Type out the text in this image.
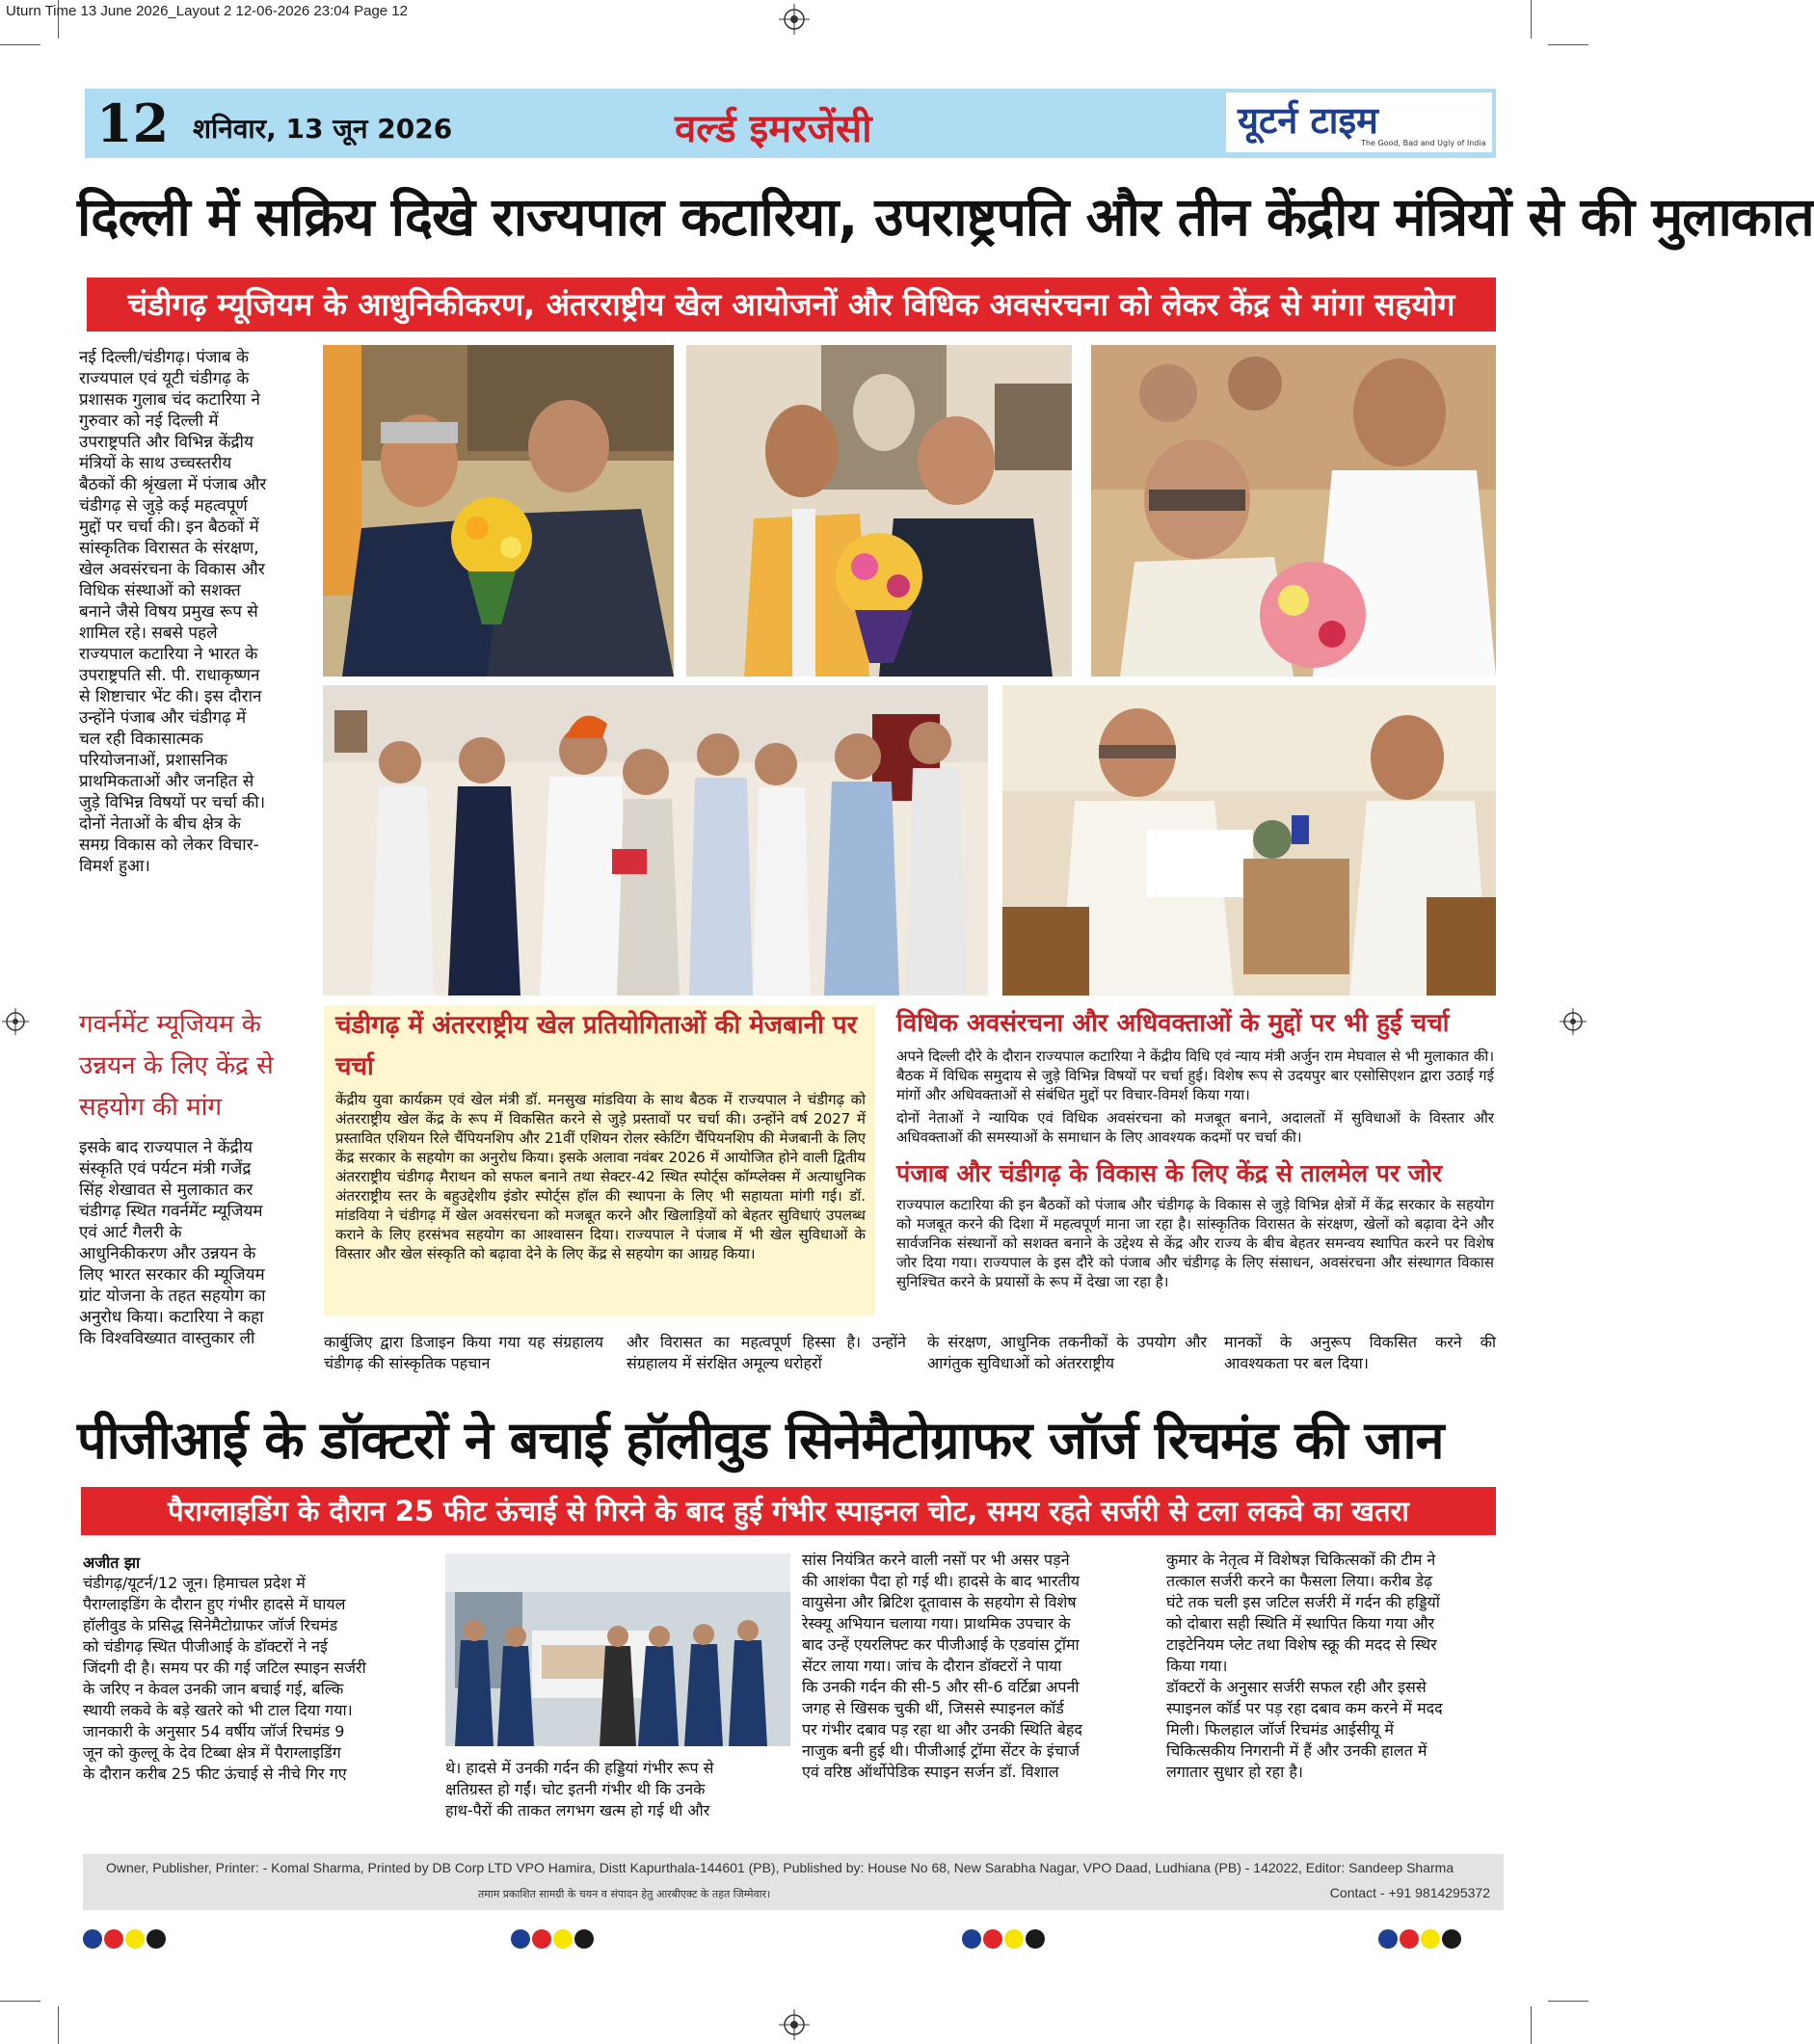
Uturn Time 13 June 2026_Layout 2 12-06-2026 23:04 Page 12
12 शनिवार, 13 जून 2026	वर्ल्ड इमरजेंसी	यूटर्न टाइम
The Good, Bad and Ugly of India
दिल्ली में सक्रिय दिखे राज्यपाल कटारिया, उपराष्ट्रपति और तीन केंद्रीय मंत्रियों से की मुलाकात
चंडीगढ़ म्यूजियम के आधुनिकीकरण, अंतरराष्ट्रीय खेल आयोजनों और विधिक अवसंरचना को लेकर केंद्र से मांगा सहयोग
नई दिल्ली/चंडीगढ़। पंजाब के
राज्यपाल एवं यूटी चंडीगढ़ के
प्रशासक गुलाब चंद कटारिया ने
गुरुवार को नई दिल्ली में
उपराष्ट्रपति और विभिन्न केंद्रीय
मंत्रियों के साथ उच्चस्तरीय
बैठकों की श्रृंखला में पंजाब और
चंडीगढ़ से जुड़े कई महत्वपूर्ण
मुद्दों पर चर्चा की। इन बैठकों में
सांस्कृतिक विरासत के संरक्षण,
खेल अवसंरचना के विकास और
विधिक संस्थाओं को सशक्त
बनाने जैसे विषय प्रमुख रूप से
शामिल रहे। सबसे पहले
राज्यपाल कटारिया ने भारत के
उपराष्ट्रपति सी. पी. राधाकृष्णन
से शिष्टाचार भेंट की। इस दौरान
उन्होंने पंजाब और चंडीगढ़ में
चल रही विकासात्मक
परियोजनाओं, प्रशासनिक
प्राथमिकताओं और जनहित से
जुड़े विभिन्न विषयों पर चर्चा की।
दोनों नेताओं के बीच क्षेत्र के
समग्र विकास को लेकर विचार-
विमर्श हुआ।
गवर्नमेंट म्यूजियम के उन्नयन के लिए केंद्र से सहयोग की मांग
इसके बाद राज्यपाल ने केंद्रीय
संस्कृति एवं पर्यटन मंत्री गजेंद्र
सिंह शेखावत से मुलाकात कर
चंडीगढ़ स्थित गवर्नमेंट म्यूजियम
एवं आर्ट गैलरी के
आधुनिकीकरण और उन्नयन के
लिए भारत सरकार की म्यूजियम
ग्रांट योजना के तहत सहयोग का
अनुरोध किया। कटारिया ने कहा
कि विश्वविख्यात वास्तुकार ली
चंडीगढ़ में अंतरराष्ट्रीय खेल प्रतियोगिताओं की मेजबानी पर चर्चा
केंद्रीय युवा कार्यक्रम एवं खेल मंत्री डॉ. मनसुख मांडविया के साथ बैठक में राज्यपाल ने चंडीगढ़ को अंतरराष्ट्रीय खेल केंद्र के रूप में विकसित करने से जुड़े प्रस्तावों पर चर्चा की। उन्होंने वर्ष 2027 में प्रस्तावित एशियन रिले चैंपियनशिप और 21वीं एशियन रोलर स्केटिंग चैंपियनशिप की मेजबानी के लिए केंद्र सरकार के सहयोग का अनुरोध किया। इसके अलावा नवंबर 2026 में आयोजित होने वाली द्वितीय अंतरराष्ट्रीय चंडीगढ़ मैराथन को सफल बनाने तथा सेक्टर-42 स्थित स्पोर्ट्स कॉम्प्लेक्स में अत्याधुनिक अंतरराष्ट्रीय स्तर के बहुउद्देशीय इंडोर स्पोर्ट्स हॉल की स्थापना के लिए भी सहायता मांगी गई। डॉ. मांडविया ने चंडीगढ़ में खेल अवसंरचना को मजबूत करने और खिलाड़ियों को बेहतर सुविधाएं उपलब्ध कराने के लिए हरसंभव सहयोग का आश्वासन दिया। राज्यपाल ने पंजाब में भी खेल सुविधाओं के विस्तार और खेल संस्कृति को बढ़ावा देने के लिए केंद्र से सहयोग का आग्रह किया।
विधिक अवसंरचना और अधिवक्ताओं के मुद्दों पर भी हुई चर्चा
अपने दिल्ली दौरे के दौरान राज्यपाल कटारिया ने केंद्रीय विधि एवं न्याय मंत्री अर्जुन राम मेघवाल से भी मुलाकात की। बैठक में विधिक समुदाय से जुड़े विभिन्न विषयों पर चर्चा हुई। विशेष रूप से उदयपुर बार एसोसिएशन द्वारा उठाई गई मांगों और अधिवक्ताओं से संबंधित मुद्दों पर विचार-विमर्श किया गया।
दोनों नेताओं ने न्यायिक एवं विधिक अवसंरचना को मजबूत बनाने, अदालतों में सुविधाओं के विस्तार और अधिवक्ताओं की समस्याओं के समाधान के लिए आवश्यक कदमों पर चर्चा की।
पंजाब और चंडीगढ़ के विकास के लिए केंद्र से तालमेल पर जोर
राज्यपाल कटारिया की इन बैठकों को पंजाब और चंडीगढ़ के विकास से जुड़े विभिन्न क्षेत्रों में केंद्र सरकार के सहयोग को मजबूत करने की दिशा में महत्वपूर्ण माना जा रहा है। सांस्कृतिक विरासत के संरक्षण, खेलों को बढ़ावा देने और सार्वजनिक संस्थानों को सशक्त बनाने के उद्देश्य से केंद्र और राज्य के बीच बेहतर समन्वय स्थापित करने पर विशेष जोर दिया गया। राज्यपाल के इस दौरे को पंजाब और चंडीगढ़ के लिए संसाधन, अवसंरचना और संस्थागत विकास सुनिश्चित करने के प्रयासों के रूप में देखा जा रहा है।
कार्बुजिए द्वारा डिजाइन किया गया यह संग्रहालय चंडीगढ़ की सांस्कृतिक पहचान
और विरासत का महत्वपूर्ण हिस्सा है। उन्होंने संग्रहालय में संरक्षित अमूल्य धरोहरों
के संरक्षण, आधुनिक तकनीकों के उपयोग और आगंतुक सुविधाओं को अंतरराष्ट्रीय
मानकों के अनुरूप विकसित करने की आवश्यकता पर बल दिया।
पीजीआई के डॉक्टरों ने बचाई हॉलीवुड सिनेमैटोग्राफर जॉर्ज रिचमंड की जान
पैराग्लाइडिंग के दौरान 25 फीट ऊंचाई से गिरने के बाद हुई गंभीर स्पाइनल चोट, समय रहते सर्जरी से टला लकवे का खतरा
अजीत झा
चंडीगढ़/यूटर्न/12 जून। हिमाचल प्रदेश में
पैराग्लाइडिंग के दौरान हुए गंभीर हादसे में घायल
हॉलीवुड के प्रसिद्ध सिनेमैटोग्राफर जॉर्ज रिचमंड
को चंडीगढ़ स्थित पीजीआई के डॉक्टरों ने नई
जिंदगी दी है। समय पर की गई जटिल स्पाइन सर्जरी
के जरिए न केवल उनकी जान बचाई गई, बल्कि
स्थायी लकवे के बड़े खतरे को भी टाल दिया गया।
जानकारी के अनुसार 54 वर्षीय जॉर्ज रिचमंड 9
जून को कुल्लू के देव टिब्बा क्षेत्र में पैराग्लाइडिंग
के दौरान करीब 25 फीट ऊंचाई से नीचे गिर गए	थे। हादसे में उनकी गर्दन की हड्डियां गंभीर रूप से
क्षतिग्रस्त हो गईं। चोट इतनी गंभीर थी कि उनके
हाथ-पैरों की ताकत लगभग खत्म हो गई थी और
सांस नियंत्रित करने वाली नसों पर भी असर पड़ने
की आशंका पैदा हो गई थी। हादसे के बाद भारतीय
वायुसेना और ब्रिटिश दूतावास के सहयोग से विशेष
रेस्क्यू अभियान चलाया गया। प्राथमिक उपचार के
बाद उन्हें एयरलिफ्ट कर पीजीआई के एडवांस ट्रॉमा
सेंटर लाया गया। जांच के दौरान डॉक्टरों ने पाया
कि उनकी गर्दन की सी-5 और सी-6 वर्टिब्रा अपनी
जगह से खिसक चुकी थीं, जिससे स्पाइनल कॉर्ड
पर गंभीर दबाव पड़ रहा था और उनकी स्थिति बेहद
नाजुक बनी हुई थी। पीजीआई ट्रॉमा सेंटर के इंचार्ज
एवं वरिष्ठ ऑर्थोपेडिक स्पाइन सर्जन डॉ. विशाल
कुमार के नेतृत्व में विशेषज्ञ चिकित्सकों की टीम ने
तत्काल सर्जरी करने का फैसला लिया। करीब डेढ़
घंटे तक चली इस जटिल सर्जरी में गर्दन की हड्डियों
को दोबारा सही स्थिति में स्थापित किया गया और
टाइटेनियम प्लेट तथा विशेष स्क्रू की मदद से स्थिर
किया गया।
डॉक्टरों के अनुसार सर्जरी सफल रही और इससे
स्पाइनल कॉर्ड पर पड़ रहा दबाव कम करने में मदद
मिली। फिलहाल जॉर्ज रिचमंड आईसीयू में
चिकित्सकीय निगरानी में हैं और उनकी हालत में
लगातार सुधार हो रहा है।
Owner, Publisher, Printer: - Komal Sharma, Printed by DB Corp LTD VPO Hamira, Distt Kapurthala-144601 (PB), Published by: House No 68, New Sarabha Nagar, VPO Daad, Ludhiana (PB) - 142022, Editor: Sandeep Sharma
तमाम प्रकाशित सामग्री के चयन व संपादन हेतु आरबीएक्ट के तहत जिम्मेवार।	Contact - +91 9814295372
